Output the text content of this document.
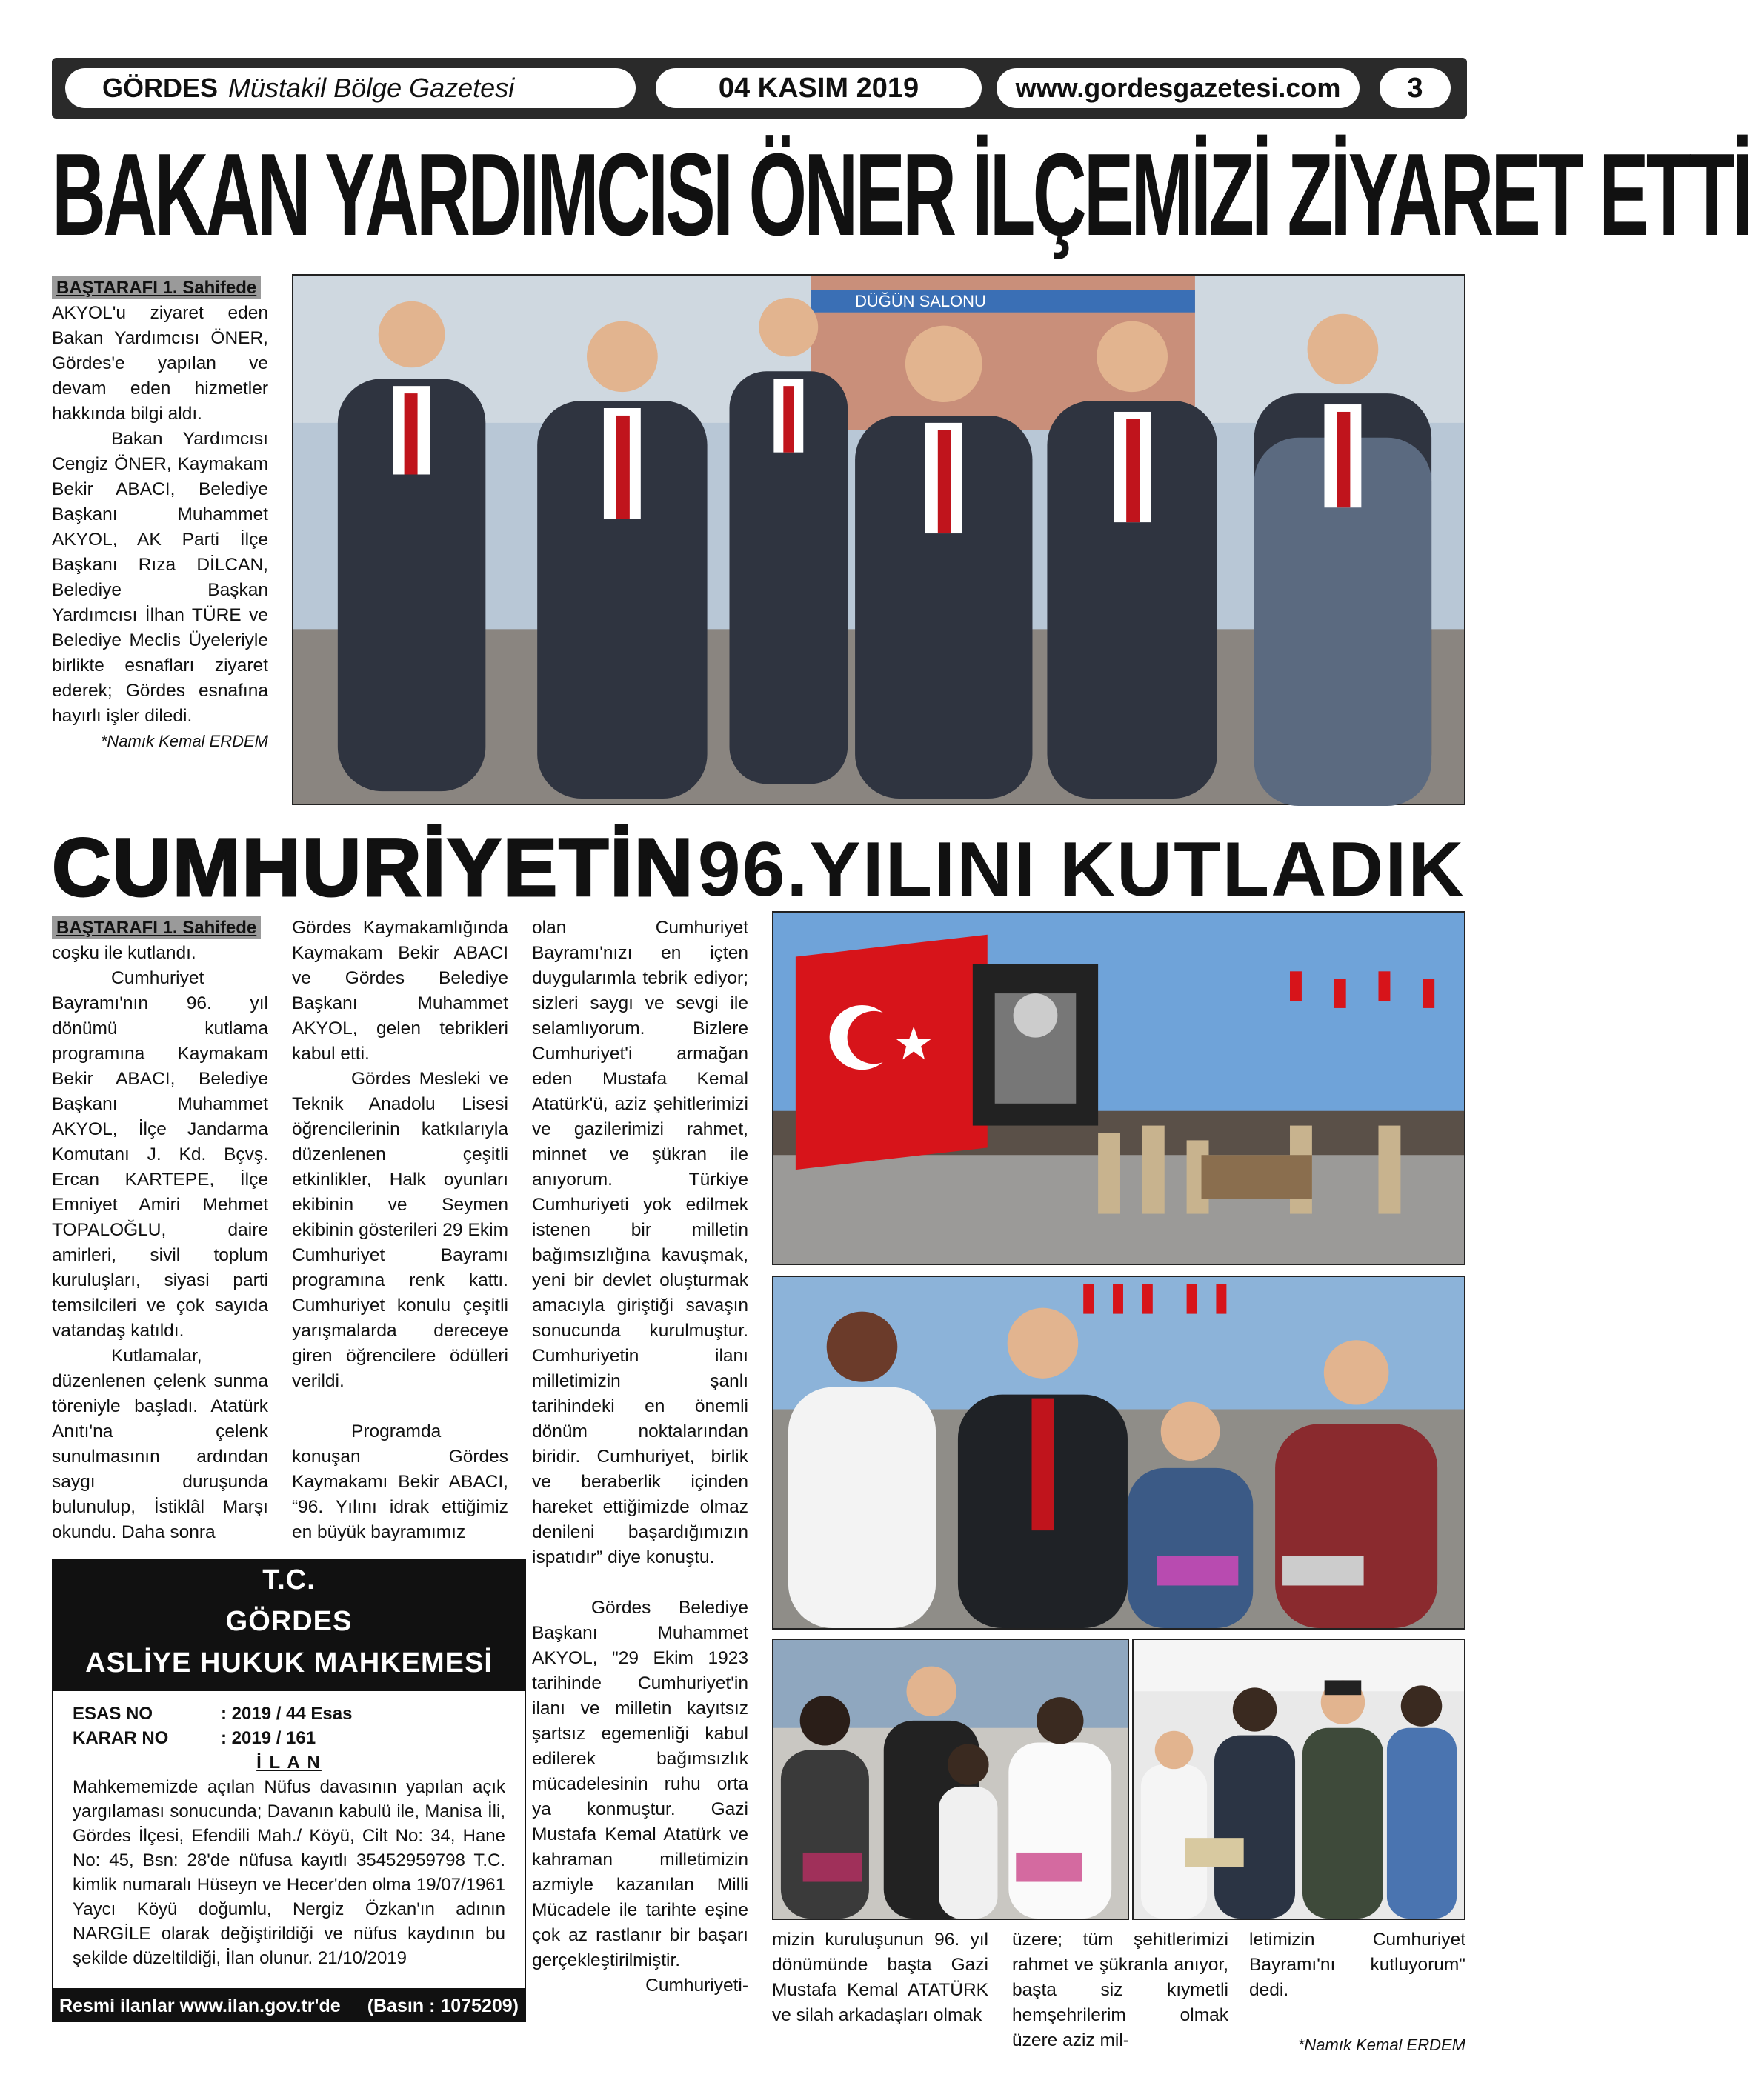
GÖRDES Müstakil Bölge Gazetesi	04 KASIM 2019	www.gordesgazetesi.com	3
BAKAN YARDIMCISI ÖNER İLÇEMİZİ ZİYARET ETTİ
BAŞTARAFI 1. Sahifede

AKYOL'u ziyaret eden Bakan Yardımcısı ÖNER, Gördes'e yapılan ve devam eden hizmetler hakkında bilgi aldı.

Bakan Yardımcısı Cengiz ÖNER, Kaymakam Bekir ABACI, Belediye Başkanı Muhammet AKYOL, AK Parti İlçe Başkanı Rıza DİLCAN, Belediye Başkan Yardımcısı İlhan TÜRE ve Belediye Meclis Üyeleriyle birlikte esnafları ziyaret ederek; Gördes esnafına hayırlı işler diledi.

*Namık Kemal ERDEM
DÜĞÜN SALONU
CUMHURİYETİN 96.YILINI KUTLADIK
BAŞTARAFI 1. Sahifede

coşku ile kutlandı.

Cumhuriyet Bayramı'nın 96. yıl dönümü kutlama programına Kaymakam Bekir ABACI, Belediye Başkanı Muhammet AKYOL, İlçe Jandarma Komutanı J. Kd. Bçvş. Ercan KARTEPE, İlçe Emniyet Amiri Mehmet TOPALOĞLU, daire amirleri, sivil toplum kuruluşları, siyasi parti temsilcileri ve çok sayıda vatandaş katıldı.

Kutlamalar, düzenlenen çelenk sunma töreniyle başladı. Atatürk Anıtı'na çelenk sunulmasının ardından saygı duruşunda bulunulup, İstiklâl Marşı okundu. Daha sonra

Gördes Kaymakamlığında Kaymakam Bekir ABACI ve Gördes Belediye Başkanı Muhammet AKYOL, gelen tebrikleri kabul etti.

Gördes Mesleki ve Teknik Anadolu Lisesi öğrencilerinin katkılarıyla düzenlenen çeşitli etkinlikler, Halk oyunları ekibinin ve Seymen ekibinin gösterileri 29 Ekim Cumhuriyet Bayramı programına renk kattı. Cumhuriyet konulu çeşitli yarışmalarda dereceye giren öğrencilere ödülleri verildi.

Programda konuşan Gördes Kaymakamı Bekir ABACI, “96. Yılını idrak ettiğimiz en büyük bayramımız

olan Cumhuriyet Bayramı'nızı en içten duygularımla tebrik ediyor; sizleri saygı ve sevgi ile selamlıyorum. Bizlere Cumhuriyet'i armağan eden Mustafa Kemal Atatürk'ü, aziz şehitlerimizi ve gazilerimizi rahmet, minnet ve şükran ile anıyorum. Türkiye Cumhuriyeti yok edilmek istenen bir milletin bağımsızlığına kavuşmak, yeni bir devlet oluşturmak amacıyla giriştiği savaşın sonucunda kurulmuştur. Cumhuriyetin ilanı milletimizin şanlı tarihindeki en önemli dönüm noktalarından biridir. Cumhuriyet, birlik ve beraberlik içinden hareket ettiğimizde olmaz denileni başardığımızın ispatıdır” diye konuştu.

Gördes Belediye Başkanı Muhammet AKYOL, "29 Ekim 1923 tarihinde Cumhuriyet'in ilanı ve milletin kayıtsız şartsız egemenliği kabul edilerek bağımsızlık mücadelesinin ruhu orta ya konmuştur. Gazi Mustafa Kemal Atatürk ve kahraman milletimizin azmiyle kazanılan Milli Mücadele ile tarihte eşine çok az rastlanır bir başarı gerçekleştirilmiştir.

Cumhuriyeti-

mizin kuruluşunun 96. yıl dönümünde başta Gazi Mustafa Kemal ATATÜRK ve silah arkadaşları olmak
üzere; tüm şehitlerimizi rahmet ve şükranla anıyor, başta siz kıymetli hemşehrilerim olmak üzere aziz mil-

letimizin Cumhuriyet Bayramı'nı kutluyorum" dedi.

*Namık Kemal ERDEM
T.C.
GÖRDES
ASLİYE HUKUK MAHKEMESİ
ESAS NO	: 2019 / 44 Esas
KARAR NO	: 2019 / 161
İ L A N
Mahkememizde açılan Nüfus davasının yapılan açık yargılaması sonucunda; Davanın kabulü ile, Manisa İli, Gördes İlçesi, Efendili Mah./ Köyü, Cilt No: 34, Hane No: 45, Bsn: 28'de nüfusa kayıtlı 35452959798 T.C. kimlik numaralı Hüseyn ve Hecer'den olma 19/07/1961 Yaycı Köyü doğumlu, Nergiz Özkan'ın adının NARGİLE olarak değiştirildiği ve nüfus kaydının bu şekilde düzeltildiği, İlan olunur. 21/10/2019
Resmi ilanlar www.ilan.gov.tr'de (Basın : 1075209)
